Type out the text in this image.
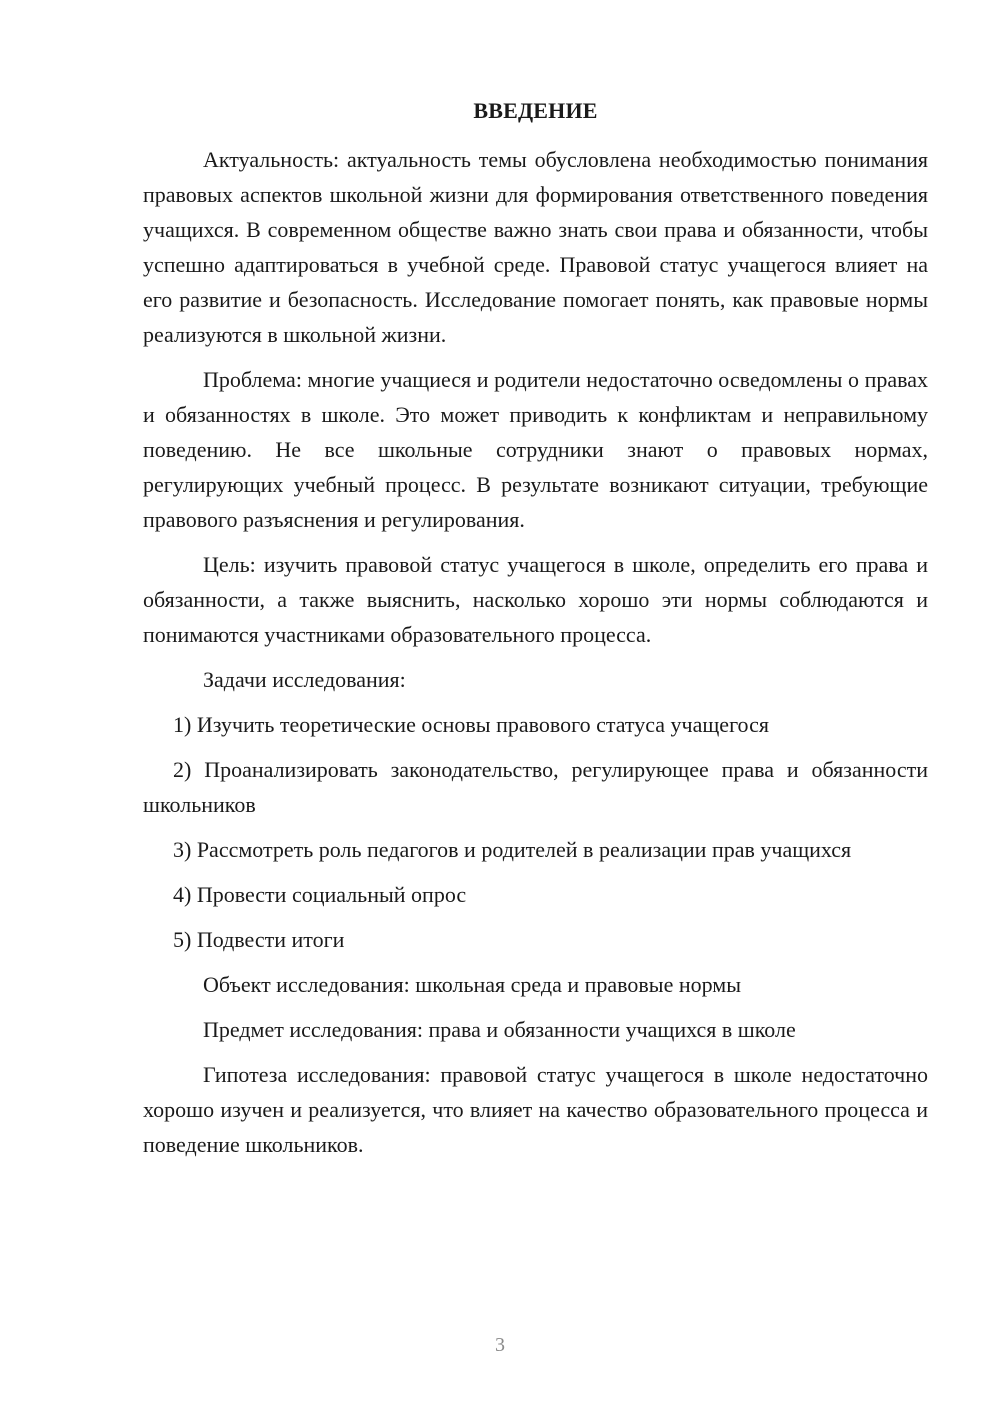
ВВЕДЕНИЕ

Актуальность: актуальность темы обусловлена необходимостью понимания правовых аспектов школьной жизни для формирования ответственного поведения учащихся. В современном обществе важно знать свои права и обязанности, чтобы успешно адаптироваться в учебной среде. Правовой статус учащегося влияет на его развитие и безопасность. Исследование помогает понять, как правовые нормы реализуются в школьной жизни.

Проблема: многие учащиеся и родители недостаточно осведомлены о правах и обязанностях в школе. Это может приводить к конфликтам и неправильному поведению. Не все школьные сотрудники знают о правовых нормах, регулирующих учебный процесс. В результате возникают ситуации, требующие правового разъяснения и регулирования.

Цель: изучить правовой статус учащегося в школе, определить его права и обязанности, а также выяснить, насколько хорошо эти нормы соблюдаются и понимаются участниками образовательного процесса.

Задачи исследования:
1) Изучить теоретические основы правового статуса учащегося
2) Проанализировать законодательство, регулирующее права и обязанности школьников
3) Рассмотреть роль педагогов и родителей в реализации прав учащихся
4) Провести социальный опрос
5) Подвести итоги
Объект исследования: школьная среда и правовые нормы
Предмет исследования: права и обязанности учащихся в школе

Гипотеза исследования: правовой статус учащегося в школе недостаточно хорошо изучен и реализуется, что влияет на качество образовательного процесса и поведение школьников.

3
